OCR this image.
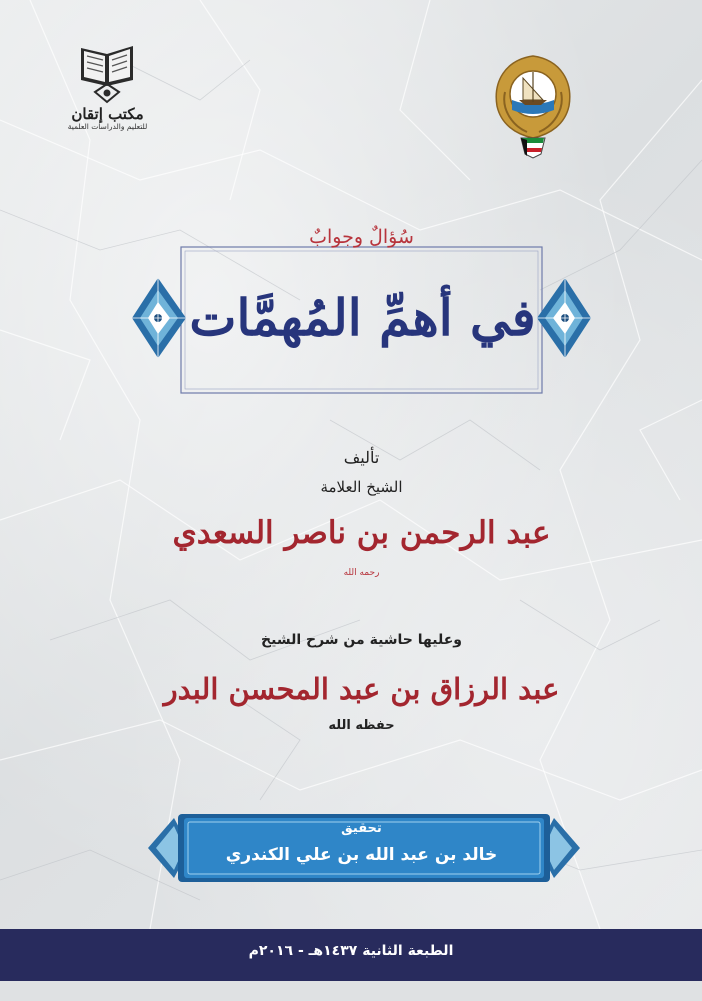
مكتب إتقان
للتعليم والدراسات العلمية
سُؤالٌ وجوابٌ
في أهمِّ المُهمَّات
تأليف
الشيخ العلامة
عبد الرحمن بن ناصر السعدي
رحمه الله
وعليها حاشية من شرح الشيخ
عبد الرزاق بن عبد المحسن البدر
حفظه الله
تحقيق
خالد بن عبد الله بن علي الكندري
الطبعة الثانية ١٤٣٧هـ - ٢٠١٦م
